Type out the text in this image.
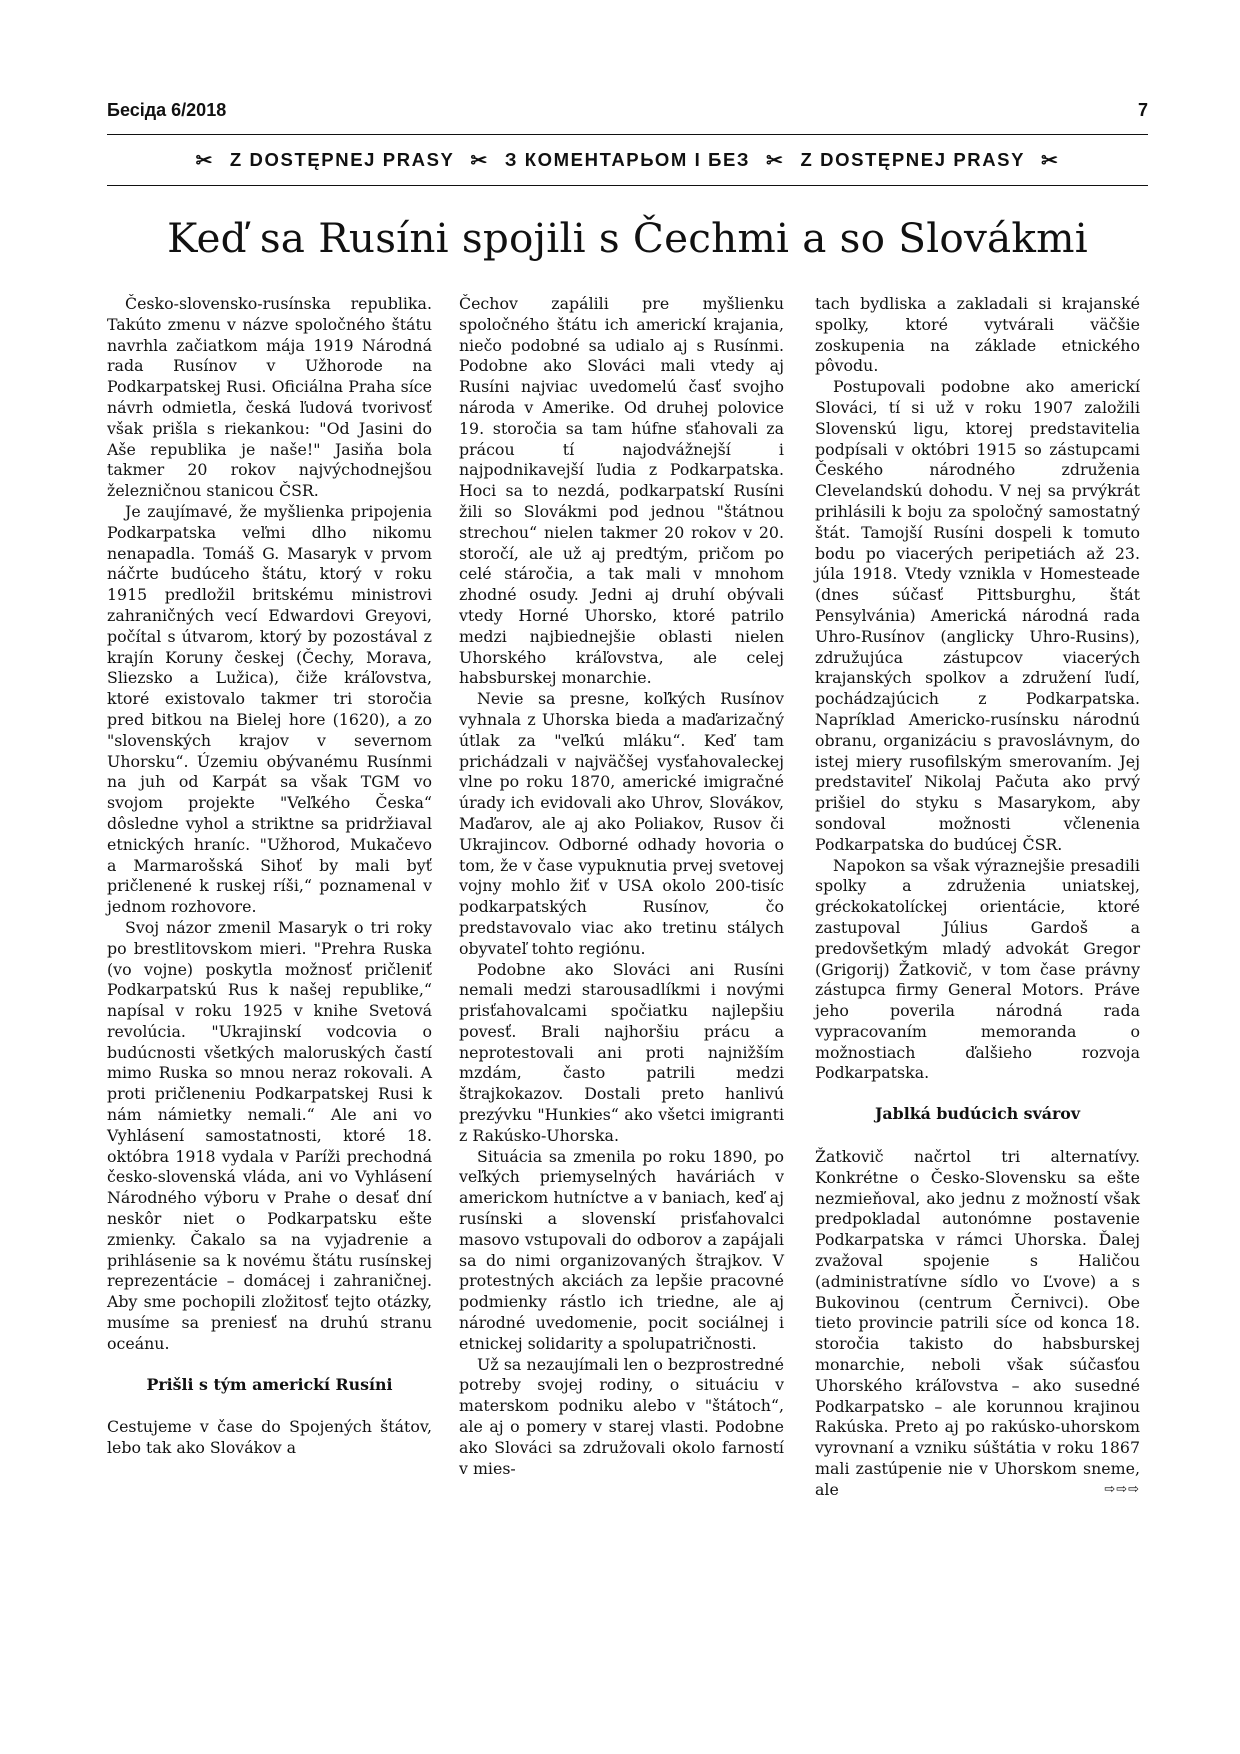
Бесіда 6/2018	7
✂ Z DOSTĘPNEJ PRASY ✂ З КОМЕНТАРЬОМ І БЕЗ ✂ Z DOSTĘPNEJ PRASY ✂
Keď sa Rusíni spojili s Čechmi a so Slovákmi

Česko-slovensko-rusínska republika. Takúto zmenu v názve spoločného štátu navrhla začiatkom mája 1919 Národná rada Rusínov v Užhorode na Podkarpatskej Rusi. Oficiálna Praha síce návrh odmietla, česká ľudová tvorivosť však prišla s riekankou: "Od Jasini do Aše republika je naše!" Jasiňa bola takmer 20 rokov najvýchodnejšou železničnou stanicou ČSR.

Je zaujímavé, že myšlienka pripojenia Podkarpatska veľmi dlho nikomu nenapadla. Tomáš G. Masaryk v prvom náčrte budúceho štátu, ktorý v roku 1915 predložil britskému ministrovi zahraničných vecí Edwardovi Greyovi, počítal s útvarom, ktorý by pozostával z krajín Koruny českej (Čechy, Morava, Sliezsko a Lužica), čiže kráľovstva, ktoré existovalo takmer tri storočia pred bitkou na Bielej hore (1620), a zo "slovenských krajov v severnom Uhorsku“. Územiu obývanému Rusínmi na juh od Karpát sa však TGM vo svojom projekte "Veľkého Česka“ dôsledne vyhol a striktne sa pridržiaval etnických hraníc. "Užhorod, Mukačevo a Marmarošská Sihoť by mali byť pričlenené k ruskej ríši,“ poznamenal v jednom rozhovore.

Svoj názor zmenil Masaryk o tri roky po brestlitovskom mieri. "Prehra Ruska (vo vojne) poskytla možnosť pričleniť Podkarpatskú Rus k našej republike,“ napísal v roku 1925 v knihe Svetová revolúcia. "Ukrajinskí vodcovia o budúcnosti všetkých maloruských častí mimo Ruska so mnou neraz rokovali. A proti pričleneniu Podkarpatskej Rusi k nám námietky nemali.“ Ale ani vo Vyhlásení samostatnosti, ktoré 18. októbra 1918 vydala v Paríži prechodná česko-slovenská vláda, ani vo Vyhlásení Národného výboru v Prahe o desať dní neskôr niet o Podkarpatsku ešte zmienky. Čakalo sa na vyjadrenie a prihlásenie sa k novému štátu rusínskej reprezentácie – domácej i zahraničnej. Aby sme pochopili zložitosť tejto otázky, musíme sa preniesť na druhú stranu oceánu.

Prišli s tým americkí Rusíni

Cestujeme v čase do Spojených štátov, lebo tak ako Slovákov a

Čechov zapálili pre myšlienku spoločného štátu ich americkí krajania, niečo podobné sa udialo aj s Rusínmi. Podobne ako Slováci mali vtedy aj Rusíni najviac uvedomelú časť svojho národa v Amerike. Od druhej polovice 19. storočia sa tam húfne sťahovali za prácou tí najodvážnejší i najpodnikavejší ľudia z Podkarpatska. Hoci sa to nezdá, podkarpatskí Rusíni žili so Slovákmi pod jednou "štátnou strechou“ nielen takmer 20 rokov v 20. storočí, ale už aj predtým, pričom po celé stáročia, a tak mali v mnohom zhodné osudy. Jedni aj druhí obývali vtedy Horné Uhorsko, ktoré patrilo medzi najbiednejšie oblasti nielen Uhorského kráľovstva, ale celej habsburskej monarchie.

Nevie sa presne, koľkých Rusínov vyhnala z Uhorska bieda a maďarizačný útlak za "veľkú mláku“. Keď tam prichádzali v najväčšej vysťahovaleckej vlne po roku 1870, americké imigračné úrady ich evidovali ako Uhrov, Slovákov, Maďarov, ale aj ako Poliakov, Rusov či Ukrajincov. Odborné odhady hovoria o tom, že v čase vypuknutia prvej svetovej vojny mohlo žiť v USA okolo 200-tisíc podkarpatských Rusínov, čo predstavovalo viac ako tretinu stálych obyvateľ tohto regiónu.

Podobne ako Slováci ani Rusíni nemali medzi starousadlíkmi i novými prisťahovalcami spočiatku najlepšiu povesť. Brali najhoršiu prácu a neprotestovali ani proti najnižším mzdám, často patrili medzi štrajkokazov. Dostali preto hanlivú prezývku "Hunkies“ ako všetci imigranti z Rakúsko-Uhorska.

Situácia sa zmenila po roku 1890, po veľkých priemyselných haváriách v americkom hutníctve a v baniach, keď aj rusínski a slovenskí prisťahovalci masovo vstupovali do odborov a zapájali sa do nimi organizovaných štrajkov. V protestných akciách za lepšie pracovné podmienky rástlo ich triedne, ale aj národné uvedomenie, pocit sociálnej i etnickej solidarity a spolupatričnosti.

Už sa nezaujímali len o bezprostredné potreby svojej rodiny, o situáciu v materskom podniku alebo v "štátoch“, ale aj o pomery v starej vlasti. Podobne ako Slováci sa združovali okolo farností v mies-

tach bydliska a zakladali si krajanské spolky, ktoré vytvárali väčšie zoskupenia na základe etnického pôvodu.

Postupovali podobne ako americkí Slováci, tí si už v roku 1907 založili Slovenskú ligu, ktorej predstavitelia podpísali v októbri 1915 so zástupcami Českého národného združenia Clevelandskú dohodu. V nej sa prvýkrát prihlásili k boju za spoločný samostatný štát. Tamojší Rusíni dospeli k tomuto bodu po viacerých peripetiách až 23. júla 1918. Vtedy vznikla v Homesteade (dnes súčasť Pittsburghu, štát Pensylvánia) Americká národná rada Uhro-Rusínov (anglicky Uhro-Rusins), združujúca zástupcov viacerých krajanských spolkov a združení ľudí, pochádzajúcich z Podkarpatska. Napríklad Americko-rusínsku národnú obranu, organizáciu s pravoslávnym, do istej miery rusofilským smerovaním. Jej predstaviteľ Nikolaj Pačuta ako prvý prišiel do styku s Masarykom, aby sondoval možnosti včlenenia Podkarpatska do budúcej ČSR.

Napokon sa však výraznejšie presadili spolky a združenia uniatskej, gréckokatolíckej orientácie, ktoré zastupoval Július Gardoš a predovšetkým mladý advokát Gregor (Grigorij) Žatkovič, v tom čase právny zástupca firmy General Motors. Práve jeho poverila národná rada vypracovaním memoranda o možnostiach ďalšieho rozvoja Podkarpatska.

Jablká budúcich svárov

Žatkovič načrtol tri alternatívy. Konkrétne o Česko-Slovensku sa ešte nezmieňoval, ako jednu z možností však predpokladal autonómne postavenie Podkarpatska v rámci Uhorska. Ďalej zvažoval spojenie s Haličou (administratívne sídlo vo Ľvove) a s Bukovinou (centrum Černivci). Obe tieto provincie patrili síce od konca 18. storočia takisto do habsburskej monarchie, neboli však súčasťou Uhorského kráľovstva – ako susedné Podkarpatsko – ale korunnou krajinou Rakúska. Preto aj po rakúsko-uhorskom vyrovnaní a vzniku súštátia v roku 1867 mali zastúpenie nie v Uhorskom sneme, ale	⇨⇨⇨
